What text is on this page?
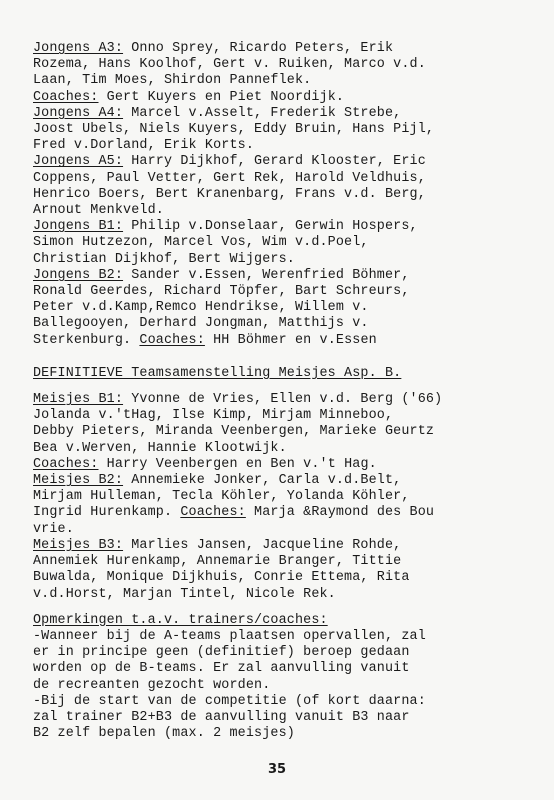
Jongens A3: Onno Sprey, Ricardo Peters, Erik
Rozema, Hans Koolhof, Gert v. Ruiken, Marco v.d.
Laan, Tim Moes, Shirdon Panneflek.
Coaches: Gert Kuyers en Piet Noordijk.
Jongens A4: Marcel v.Asselt, Frederik Strebe,
Joost Ubels, Niels Kuyers, Eddy Bruin, Hans Pijl,
Fred v.Dorland, Erik Korts.
Jongens A5: Harry Dijkhof, Gerard Klooster, Eric
Coppens, Paul Vetter, Gert Rek, Harold Veldhuis,
Henrico Boers, Bert Kranenbarg, Frans v.d. Berg,
Arnout Menkveld.
Jongens B1: Philip v.Donselaar, Gerwin Hospers,
Simon Hutzezon, Marcel Vos, Wim v.d.Poel,
Christian Dijkhof, Bert Wijgers.
Jongens B2: Sander v.Essen, Werenfried Böhmer,
Ronald Geerdes, Richard Töpfer, Bart Schreurs,
Peter v.d.Kamp,Remco Hendrikse, Willem v.
Ballegooyen, Derhard Jongman, Matthijs v.
Sterkenburg. Coaches: HH Böhmer en v.Essen
DEFINITIEVE Teamsamenstelling Meisjes Asp. B.
Meisjes B1: Yvonne de Vries, Ellen v.d. Berg ('66)
Jolanda v.'tHag, Ilse Kimp, Mirjam Minneboo,
Debby Pieters, Miranda Veenbergen, Marieke Geurtz
Bea v.Werven, Hannie Klootwijk.
Coaches: Harry Veenbergen en Ben v.'t Hag.
Meisjes B2: Annemieke Jonker, Carla v.d.Belt,
Mirjam Hulleman, Tecla Köhler, Yolanda Köhler,
Ingrid Hurenkamp. Coaches: Marja &Raymond des Bou
vrie.
Meisjes B3: Marlies Jansen, Jacqueline Rohde,
Annemiek Hurenkamp, Annemarie Branger, Tittie
Buwalda, Monique Dijkhuis, Conrie Ettema, Rita
v.d.Horst, Marjan Tintel, Nicole Rek.
Opmerkingen t.a.v. trainers/coaches:
-Wanneer bij de A-teams plaatsen opervallen, zal
er in principe geen (definitief) beroep gedaan
worden op de B-teams. Er zal aanvulling vanuit
de recreanten gezocht worden.
-Bij de start van de competitie (of kort daarna:
zal trainer B2+B3 de aanvulling vanuit B3 naar
B2 zelf bepalen (max. 2 meisjes)
35
